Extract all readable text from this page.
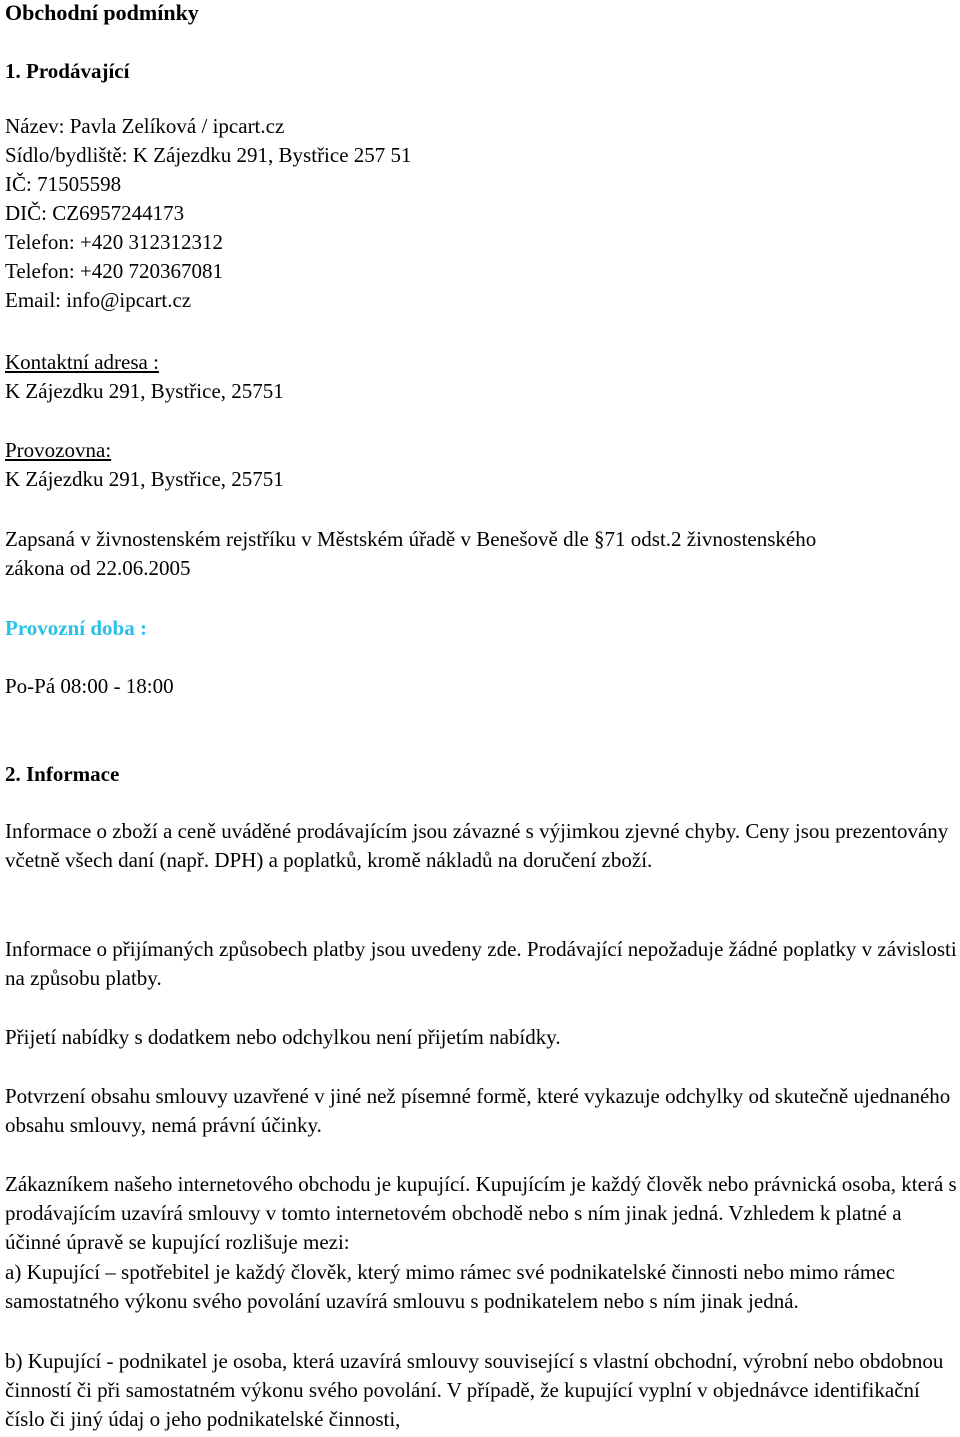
Obchodní podmínky
1. Prodávající
Název: Pavla Zelíková / ipcart.cz
Sídlo/bydliště: K Zájezdku 291, Bystřice 257 51
IČ: 71505598
DIČ: CZ6957244173
Telefon: +420 312312312
Telefon: +420 720367081
Email: info@ipcart.cz
Kontaktní adresa :
K Zájezdku 291, Bystřice, 25751
Provozovna:
K Zájezdku 291, Bystřice, 25751
Zapsaná v živnostenském rejstříku v Městském úřadě v Benešově dle §71 odst.2 živnostenského zákona od 22.06.2005
Provozní doba :
Po-Pá 08:00 - 18:00
2. Informace
Informace o zboží a ceně uváděné prodávajícím jsou závazné s výjimkou zjevné chyby. Ceny jsou prezentovány včetně všech daní (např. DPH) a poplatků, kromě nákladů na doručení zboží.
Informace o přijímaných způsobech platby jsou uvedeny zde. Prodávající nepožaduje žádné poplatky v závislosti na způsobu platby.
Přijetí nabídky s dodatkem nebo odchylkou není přijetím nabídky.
Potvrzení obsahu smlouvy uzavřené v jiné než písemné formě, které vykazuje odchylky od skutečně ujednaného obsahu smlouvy, nemá právní účinky.
Zákazníkem našeho internetového obchodu je kupující. Kupujícím je každý člověk nebo právnická osoba, která s prodávajícím uzavírá smlouvy v tomto internetovém obchodě nebo s ním jinak jedná. Vzhledem k platné a účinné úpravě se kupující rozlišuje mezi:
a) Kupující – spotřebitel je každý člověk, který mimo rámec své podnikatelské činnosti nebo mimo rámec samostatného výkonu svého povolání uzavírá smlouvu s podnikatelem nebo s ním jinak jedná.
b) Kupující - podnikatel je osoba, která uzavírá smlouvy související s vlastní obchodní, výrobní nebo obdobnou činností či při samostatném výkonu svého povolání. V případě, že kupující vyplní v objednávce identifikační číslo či jiný údaj o jeho podnikatelské činnosti,
